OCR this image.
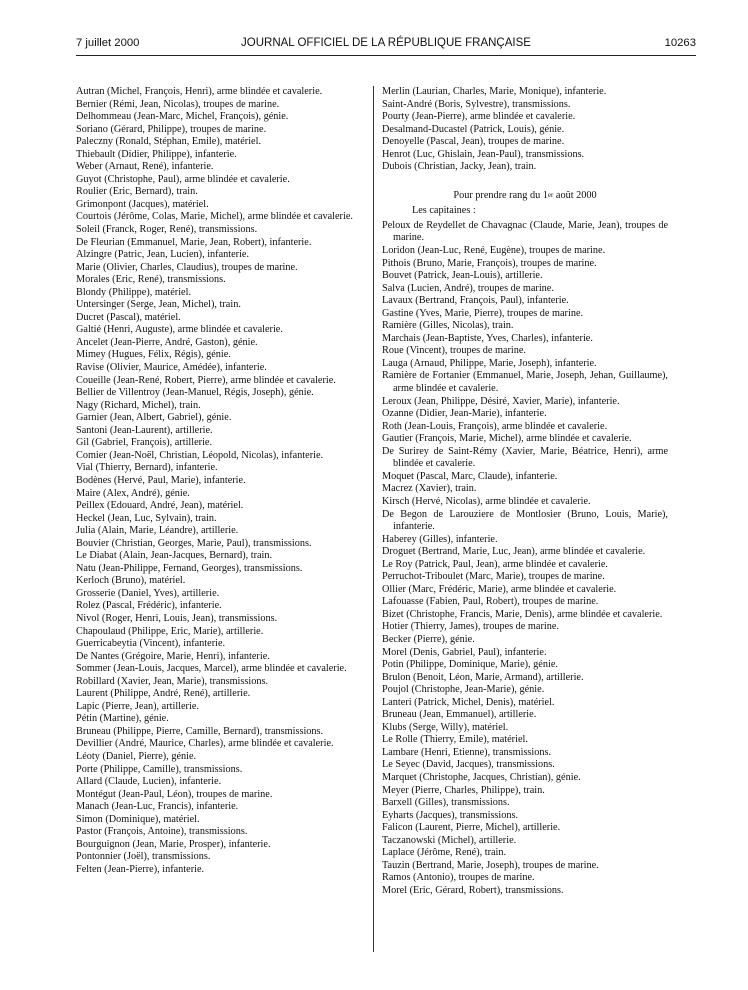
7 juillet 2000	JOURNAL OFFICIEL DE LA RÉPUBLIQUE FRANÇAISE	10263
Autran (Michel, François, Henri), arme blindée et cavalerie.
Bernier (Rémi, Jean, Nicolas), troupes de marine.
Delhommeau (Jean-Marc, Michel, François), génie.
Soriano (Gérard, Philippe), troupes de marine.
Paleczny (Ronald, Stéphan, Emile), matériel.
Thiebault (Didier, Philippe), infanterie.
Weber (Arnaut, René), infanterie.
Guyot (Christophe, Paul), arme blindée et cavalerie.
Roulier (Eric, Bernard), train.
Grimonpont (Jacques), matériel.
Courtois (Jérôme, Colas, Marie, Michel), arme blindée et cavalerie.
Soleil (Franck, Roger, René), transmissions.
De Fleurian (Emmanuel, Marie, Jean, Robert), infanterie.
Alzingre (Patric, Jean, Lucien), infanterie.
Marie (Olivier, Charles, Claudius), troupes de marine.
Morales (Eric, René), transmissions.
Blondy (Philippe), matériel.
Untersinger (Serge, Jean, Michel), train.
Ducret (Pascal), matériel.
Galtié (Henri, Auguste), arme blindée et cavalerie.
Ancelet (Jean-Pierre, André, Gaston), génie.
Mimey (Hugues, Félix, Régis), génie.
Ravise (Olivier, Maurice, Amédée), infanterie.
Coueille (Jean-René, Robert, Pierre), arme blindée et cavalerie.
Bellier de Villentroy (Jean-Manuel, Régis, Joseph), génie.
Nagy (Richard, Michel), train.
Garnier (Jean, Albert, Gabriel), génie.
Santoni (Jean-Laurent), artillerie.
Gil (Gabriel, François), artillerie.
Comier (Jean-Noël, Christian, Léopold, Nicolas), infanterie.
Vial (Thierry, Bernard), infanterie.
Bodènes (Hervé, Paul, Marie), infanterie.
Maire (Alex, André), génie.
Peillex (Edouard, André, Jean), matériel.
Heckel (Jean, Luc, Sylvain), train.
Julia (Alain, Marie, Léandre), artillerie.
Bouvier (Christian, Georges, Marie, Paul), transmissions.
Le Diabat (Alain, Jean-Jacques, Bernard), train.
Natu (Jean-Philippe, Fernand, Georges), transmissions.
Kerloch (Bruno), matériel.
Grosserie (Daniel, Yves), artillerie.
Rolez (Pascal, Frédéric), infanterie.
Nivol (Roger, Henri, Louis, Jean), transmissions.
Chapoulaud (Philippe, Eric, Marie), artillerie.
Guerricabeytia (Vincent), infanterie.
De Nantes (Grégoire, Marie, Henri), infanterie.
Sommer (Jean-Louis, Jacques, Marcel), arme blindée et cavalerie.
Robillard (Xavier, Jean, Marie), transmissions.
Laurent (Philippe, André, René), artillerie.
Lapic (Pierre, Jean), artillerie.
Pétin (Martine), génie.
Bruneau (Philippe, Pierre, Camille, Bernard), transmissions.
Devillier (André, Maurice, Charles), arme blindée et cavalerie.
Léoty (Daniel, Pierre), génie.
Porte (Philippe, Camille), transmissions.
Allard (Claude, Lucien), infanterie.
Montégut (Jean-Paul, Léon), troupes de marine.
Manach (Jean-Luc, Francis), infanterie.
Simon (Dominique), matériel.
Pastor (François, Antoine), transmissions.
Bourguignon (Jean, Marie, Prosper), infanterie.
Pontonnier (Joël), transmissions.
Felten (Jean-Pierre), infanterie.
Merlin (Laurian, Charles, Marie, Monique), infanterie.
Saint-André (Boris, Sylvestre), transmissions.
Pourty (Jean-Pierre), arme blindée et cavalerie.
Desalmand-Ducastel (Patrick, Louis), génie.
Denoyelle (Pascal, Jean), troupes de marine.
Henrot (Luc, Ghislain, Jean-Paul), transmissions.
Dubois (Christian, Jacky, Jean), train.
Pour prendre rang du 1er août 2000
Les capitaines :
Peloux de Reydellet de Chavagnac (Claude, Marie, Jean), troupes de marine.
Loridon (Jean-Luc, René, Eugène), troupes de marine.
Pithois (Bruno, Marie, François), troupes de marine.
Bouvet (Patrick, Jean-Louis), artillerie.
Salva (Lucien, André), troupes de marine.
Lavaux (Bertrand, François, Paul), infanterie.
Gastine (Yves, Marie, Pierre), troupes de marine.
Ramière (Gilles, Nicolas), train.
Marchais (Jean-Baptiste, Yves, Charles), infanterie.
Roue (Vincent), troupes de marine.
Lauga (Arnaud, Philippe, Marie, Joseph), infanterie.
Ramière de Fortanier (Emmanuel, Marie, Joseph, Jehan, Guillaume), arme blindée et cavalerie.
Leroux (Jean, Philippe, Désiré, Xavier, Marie), infanterie.
Ozanne (Didier, Jean-Marie), infanterie.
Roth (Jean-Louis, François), arme blindée et cavalerie.
Gautier (François, Marie, Michel), arme blindée et cavalerie.
De Surirey de Saint-Rémy (Xavier, Marie, Béatrice, Henri), arme blindée et cavalerie.
Moquet (Pascal, Marc, Claude), infanterie.
Macrez (Xavier), train.
Kirsch (Hervé, Nicolas), arme blindée et cavalerie.
De Begon de Larouziere de Montlosier (Bruno, Louis, Marie), infanterie.
Haberey (Gilles), infanterie.
Droguet (Bertrand, Marie, Luc, Jean), arme blindée et cavalerie.
Le Roy (Patrick, Paul, Jean), arme blindée et cavalerie.
Perruchot-Triboulet (Marc, Marie), troupes de marine.
Ollier (Marc, Frédéric, Marie), arme blindée et cavalerie.
Lafouasse (Fabien, Paul, Robert), troupes de marine.
Bizet (Christophe, Francis, Marie, Denis), arme blindée et cavalerie.
Hotier (Thierry, James), troupes de marine.
Becker (Pierre), génie.
Morel (Denis, Gabriel, Paul), infanterie.
Potin (Philippe, Dominique, Marie), génie.
Brulon (Benoit, Léon, Marie, Armand), artillerie.
Poujol (Christophe, Jean-Marie), génie.
Lanteri (Patrick, Michel, Denis), matériel.
Bruneau (Jean, Emmanuel), artillerie.
Klubs (Serge, Willy), matériel.
Le Rolle (Thierry, Emile), matériel.
Lambare (Henri, Etienne), transmissions.
Le Seyec (David, Jacques), transmissions.
Marquet (Christophe, Jacques, Christian), génie.
Meyer (Pierre, Charles, Philippe), train.
Barxell (Gilles), transmissions.
Eyharts (Jacques), transmissions.
Falicon (Laurent, Pierre, Michel), artillerie.
Taczanowski (Michel), artillerie.
Laplace (Jérôme, René), train.
Tauzin (Bertrand, Marie, Joseph), troupes de marine.
Ramos (Antonio), troupes de marine.
Morel (Eric, Gérard, Robert), transmissions.
